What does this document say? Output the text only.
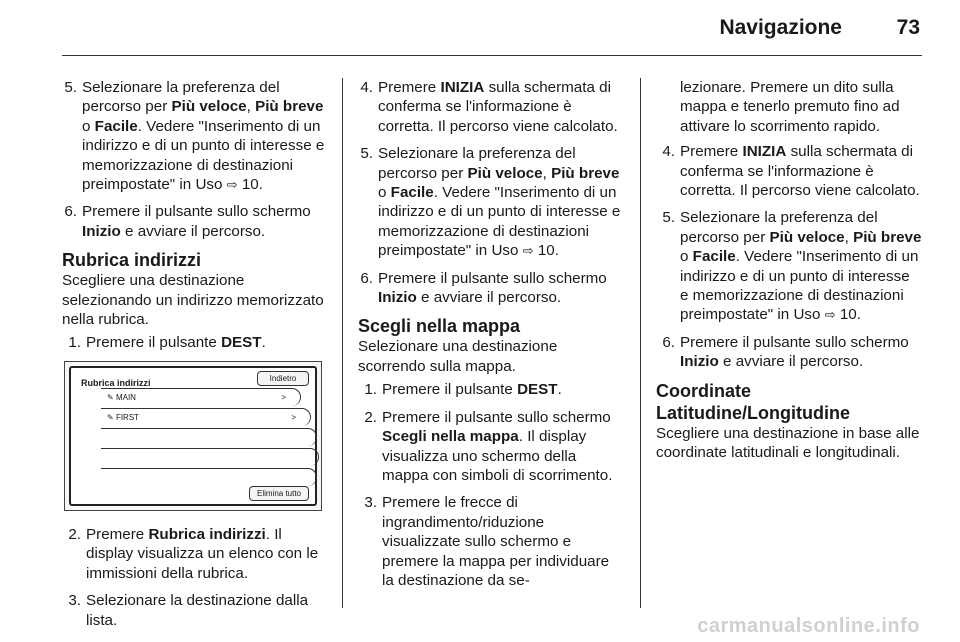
Navigazione	73
5. Selezionare la preferenza del percorso per Più veloce, Più breve o Facile. Vedere "Inserimento di un indirizzo e di un punto di interesse e memorizzazione di destinazioni preimpostate" in Uso ⇨ 10.
6. Premere il pulsante sullo schermo Inizio e avviare il percorso.
Rubrica indirizzi
Scegliere una destinazione selezionando un indirizzo memorizzato nella rubrica.
1. Premere il pulsante DEST.
Rubrica indirizzi	Indietro
✎ MAIN	>
✎ FIRST	>
Elimina tutto
2. Premere Rubrica indirizzi. Il display visualizza un elenco con le immissioni della rubrica.
3. Selezionare la destinazione dalla lista.
4. Premere INIZIA sulla schermata di conferma se l'informazione è corretta. Il percorso viene calcolato.
5. Selezionare la preferenza del percorso per Più veloce, Più breve o Facile. Vedere "Inserimento di un indirizzo e di un punto di interesse e memorizzazione di destinazioni preimpostate" in Uso ⇨ 10.
6. Premere il pulsante sullo schermo Inizio e avviare il percorso.
Scegli nella mappa
Selezionare una destinazione scorrendo sulla mappa.
1. Premere il pulsante DEST.
2. Premere il pulsante sullo schermo Scegli nella mappa. Il display visualizza uno schermo della mappa con simboli di scorrimento.
3. Premere le frecce di ingrandimento/riduzione visualizzate sullo schermo e premere la mappa per individuare la destinazione da se-
lezionare. Premere un dito sulla mappa e tenerlo premuto fino ad attivare lo scorrimento rapido.
4. Premere INIZIA sulla schermata di conferma se l'informazione è corretta. Il percorso viene calcolato.
5. Selezionare la preferenza del percorso per Più veloce, Più breve o Facile. Vedere "Inserimento di un indirizzo e di un punto di interesse e memorizzazione di destinazioni preimpostate" in Uso ⇨ 10.
6. Premere il pulsante sullo schermo Inizio e avviare il percorso.
Coordinate
Latitudine/Longitudine
Scegliere una destinazione in base alle coordinate latitudinali e longitudinali.
carmanualsonline.info
